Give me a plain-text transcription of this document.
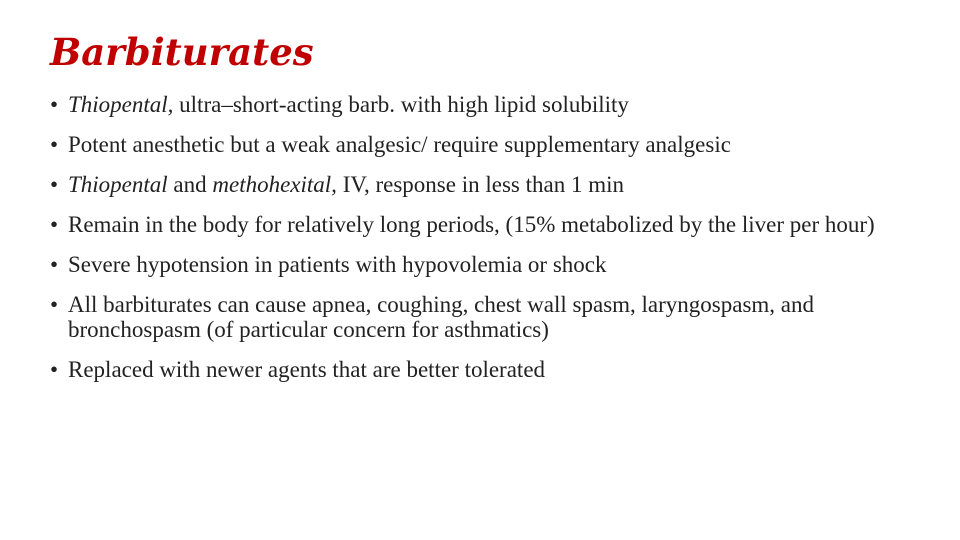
Barbiturates
• Thiopental, ultra–short-acting barb. with high lipid solubility
• Potent anesthetic but a weak analgesic/ require supplementary analgesic
• Thiopental and methohexital, IV, response in less than 1 min
• Remain in the body for relatively long periods, (15% metabolized by the liver per hour)
• Severe hypotension in patients with hypovolemia or shock
• All barbiturates can cause apnea, coughing, chest wall spasm, laryngospasm, and bronchospasm (of particular concern for asthmatics)
• Replaced with newer agents that are better tolerated
